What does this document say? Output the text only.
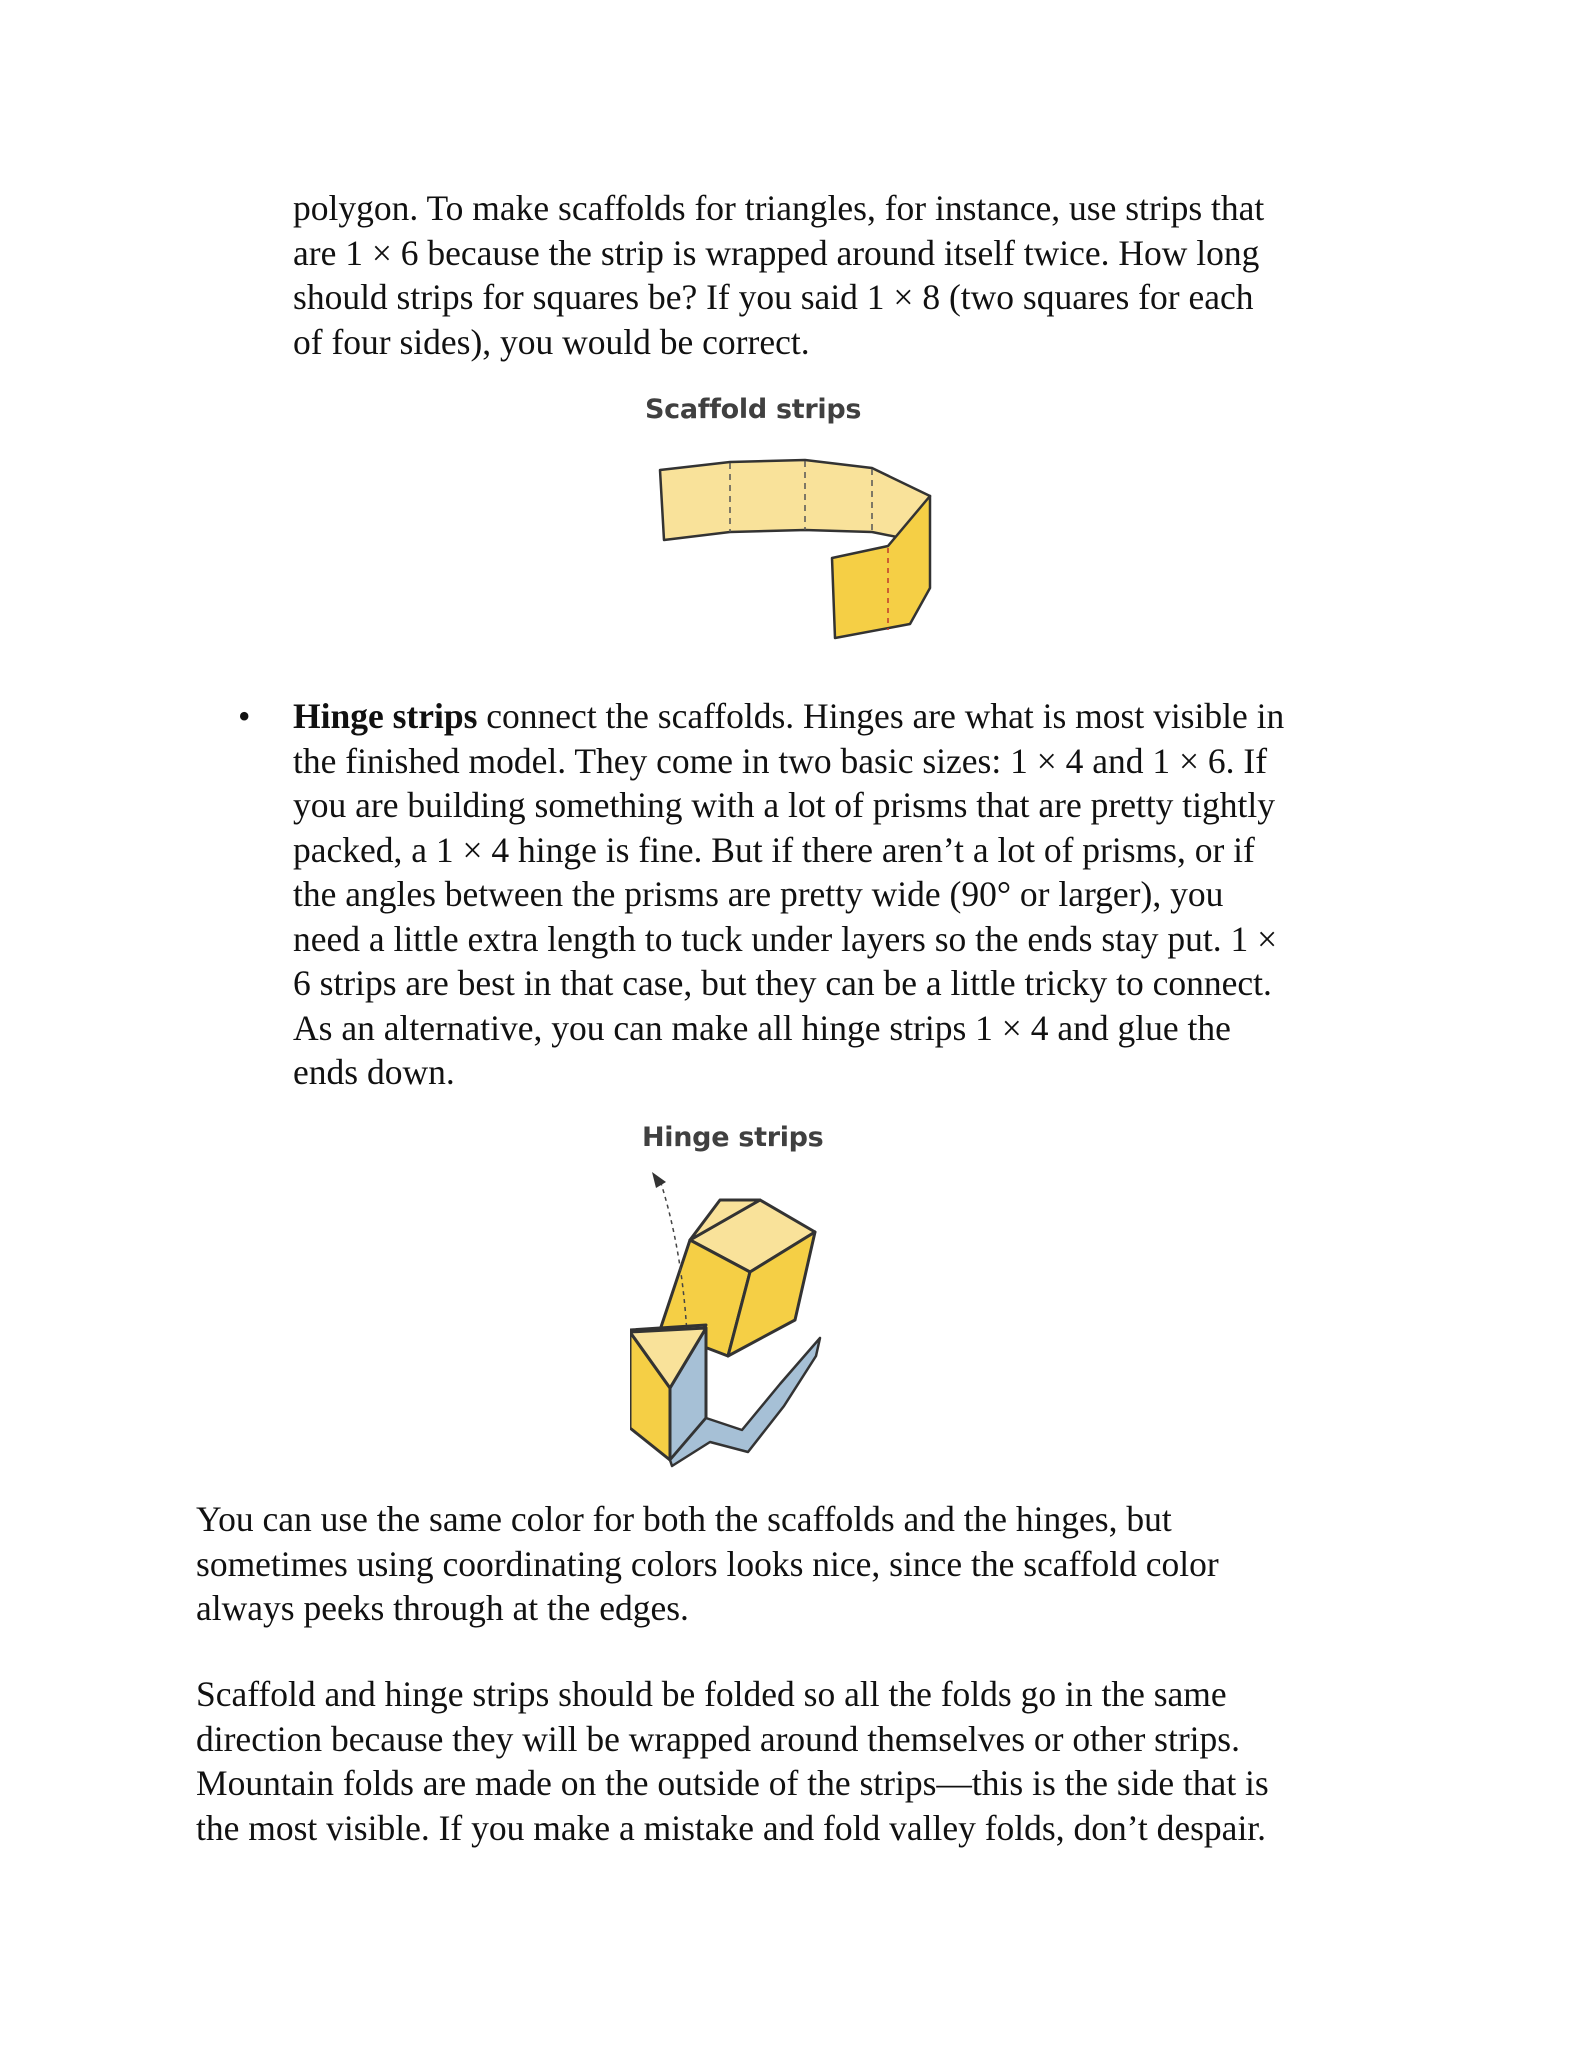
polygon. To make scaffolds for triangles, for instance, use strips that
are 1 × 6 because the strip is wrapped around itself twice. How long
should strips for squares be? If you said 1 × 8 (two squares for each
of four sides), you would be correct.

Scaffold strips
• Hinge strips connect the scaffolds. Hinges are what is most visible in
the finished model. They come in two basic sizes: 1 × 4 and 1 × 6. If
you are building something with a lot of prisms that are pretty tightly
packed, a 1 × 4 hinge is fine. But if there aren’t a lot of prisms, or if
the angles between the prisms are pretty wide (90° or larger), you
need a little extra length to tuck under layers so the ends stay put. 1 ×
6 strips are best in that case, but they can be a little tricky to connect.
As an alternative, you can make all hinge strips 1 × 4 and glue the
ends down.

Hinge strips

You can use the same color for both the scaffolds and the hinges, but
sometimes using coordinating colors looks nice, since the scaffold color
always peeks through at the edges.

Scaffold and hinge strips should be folded so all the folds go in the same
direction because they will be wrapped around themselves or other strips.
Mountain folds are made on the outside of the strips—this is the side that is
the most visible. If you make a mistake and fold valley folds, don’t despair.
